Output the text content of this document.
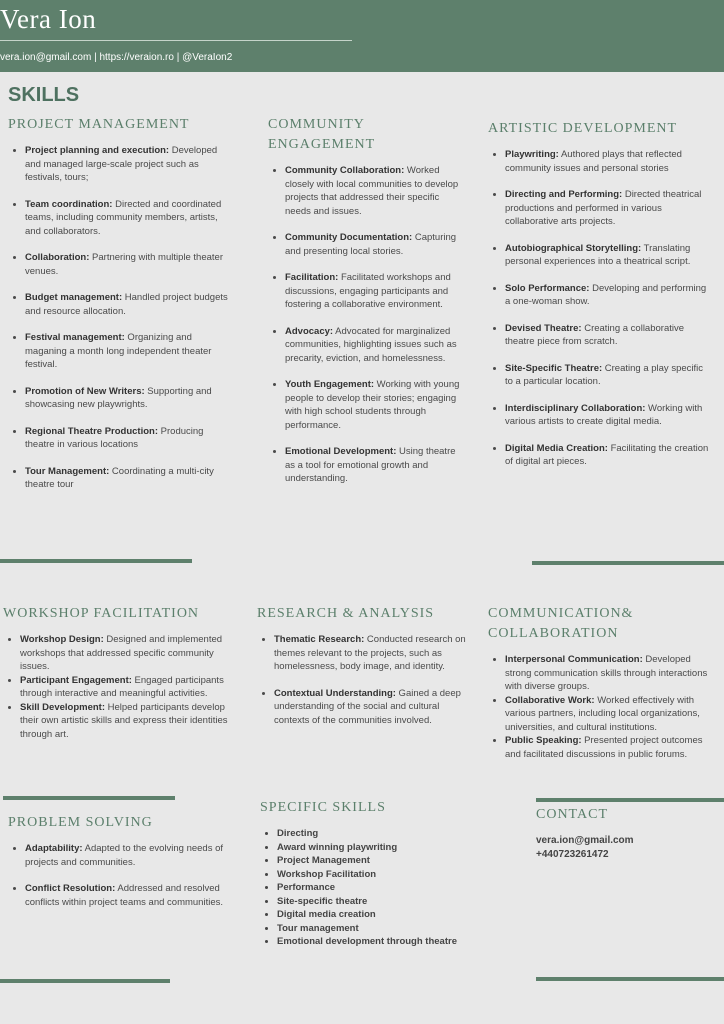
Vera Ion
vera.ion@gmail.com | https://veraion.ro | @VeraIon2
SKILLS
PROJECT MANAGEMENT
• Project planning and execution: Developed and managed large-scale project such as festivals, tours;
• Team coordination: Directed and coordinated teams, including community members, artists, and collaborators.
• Collaboration: Partnering with multiple theater venues.
• Budget management: Handled project budgets and resource allocation.
• Festival management: Organizing and maganing a month long independent theater festival.
• Promotion of New Writers: Supporting and showcasing new playwrights.
• Regional Theatre Production: Producing theatre in various locations
• Tour Management: Coordinating a multi-city theatre tour
COMMUNITY ENGAGEMENT
• Community Collaboration: Worked closely with local communities to develop projects that addressed their specific needs and issues.
• Community Documentation: Capturing and presenting local stories.
• Facilitation: Facilitated workshops and discussions, engaging participants and fostering a collaborative environment.
• Advocacy: Advocated for marginalized communities, highlighting issues such as precarity, eviction, and homelessness.
• Youth Engagement: Working with young people to develop their stories; engaging with high school students through performance.
• Emotional Development: Using theatre as a tool for emotional growth and understanding.
ARTISTIC DEVELOPMENT
• Playwriting: Authored plays that reflected community issues and personal stories
• Directing and Performing: Directed theatrical productions and performed in various collaborative arts projects.
• Autobiographical Storytelling: Translating personal experiences into a theatrical script.
• Solo Performance: Developing and performing a one-woman show.
• Devised Theatre: Creating a collaborative theatre piece from scratch.
• Site-Specific Theatre: Creating a play specific to a particular location.
• Interdisciplinary Collaboration: Working with various artists to create digital media.
• Digital Media Creation: Facilitating the creation of digital art pieces.
WORKSHOP FACILITATION
• Workshop Design: Designed and implemented workshops that addressed specific community issues.
• Participant Engagement: Engaged participants through interactive and meaningful activities.
• Skill Development: Helped participants develop their own artistic skills and express their identities through art.
RESEARCH & ANALYSIS
• Thematic Research: Conducted research on themes relevant to the projects, such as homelessness, body image, and identity.
• Contextual Understanding: Gained a deep understanding of the social and cultural contexts of the communities involved.
COMMUNICATION& COLLABORATION
• Interpersonal Communication: Developed strong communication skills through interactions with diverse groups.
• Collaborative Work: Worked effectively with various partners, including local organizations, universities, and cultural institutions.
• Public Speaking: Presented project outcomes and facilitated discussions in public forums.
PROBLEM SOLVING
• Adaptability: Adapted to the evolving needs of projects and communities.
• Conflict Resolution: Addressed and resolved conflicts within project teams and communities.
SPECIFIC SKILLS
• Directing
• Award winning playwriting
• Project Management
• Workshop Facilitation
• Performance
• Site-specific theatre
• Digital media creation
• Tour management
• Emotional development through theatre
CONTACT
vera.ion@gmail.com
+440723261472
